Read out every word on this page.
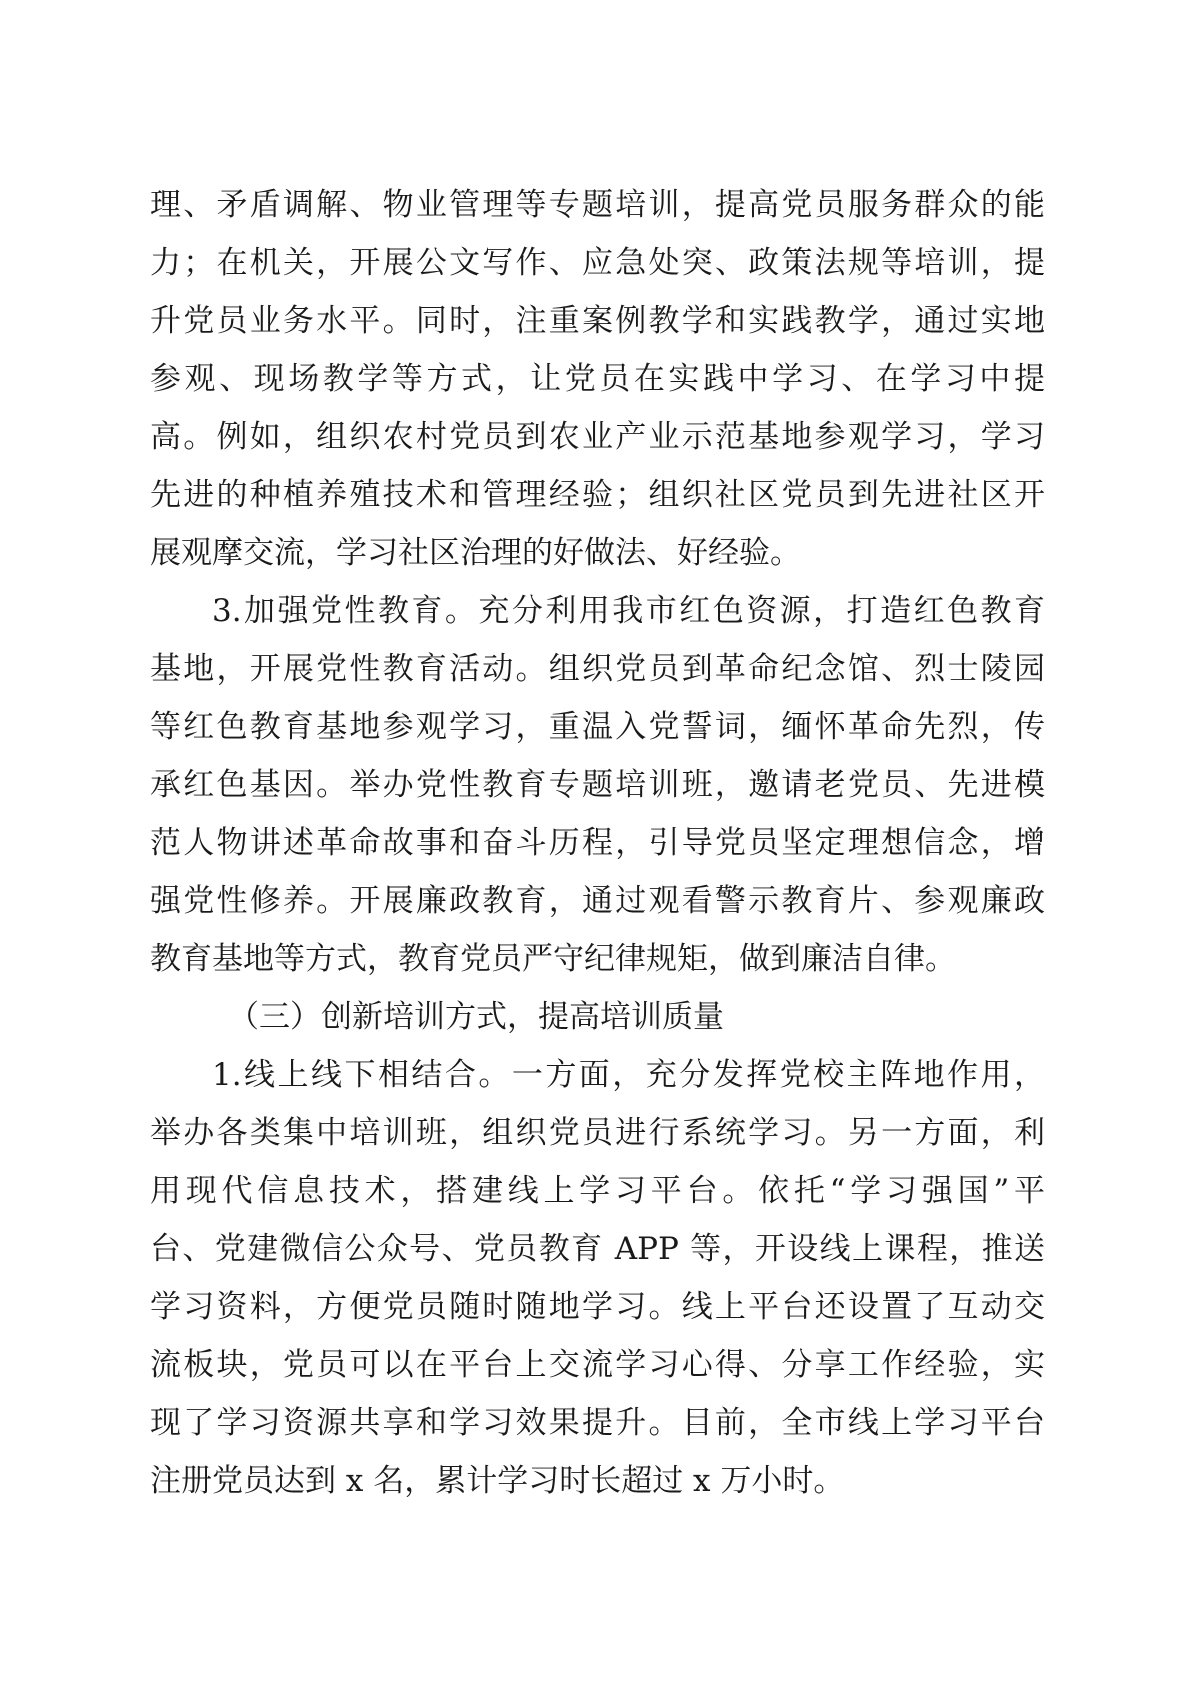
理、矛盾调解、物业管理等专题培训，提高党员服务群众的能
力；在机关，开展公文写作、应急处突、政策法规等培训，提
升党员业务水平。同时，注重案例教学和实践教学，通过实地
参观、现场教学等方式，让党员在实践中学习、在学习中提
高。例如，组织农村党员到农业产业示范基地参观学习，学习
先进的种植养殖技术和管理经验；组织社区党员到先进社区开
展观摩交流，学习社区治理的好做法、好经验。
3.加强党性教育。充分利用我市红色资源，打造红色教育
基地，开展党性教育活动。组织党员到革命纪念馆、烈士陵园
等红色教育基地参观学习，重温入党誓词，缅怀革命先烈，传
承红色基因。举办党性教育专题培训班，邀请老党员、先进模
范人物讲述革命故事和奋斗历程，引导党员坚定理想信念，增
强党性修养。开展廉政教育，通过观看警示教育片、参观廉政
教育基地等方式，教育党员严守纪律规矩，做到廉洁自律。
（三）创新培训方式，提高培训质量
1.线上线下相结合。一方面，充分发挥党校主阵地作用，
举办各类集中培训班，组织党员进行系统学习。另一方面，利
用现代信息技术，搭建线上学习平台。依托“学习强国”平
台、党建微信公众号、党员教育 APP 等，开设线上课程，推送
学习资料，方便党员随时随地学习。线上平台还设置了互动交
流板块，党员可以在平台上交流学习心得、分享工作经验，实
现了学习资源共享和学习效果提升。目前，全市线上学习平台
注册党员达到 x 名，累计学习时长超过 x 万小时。
